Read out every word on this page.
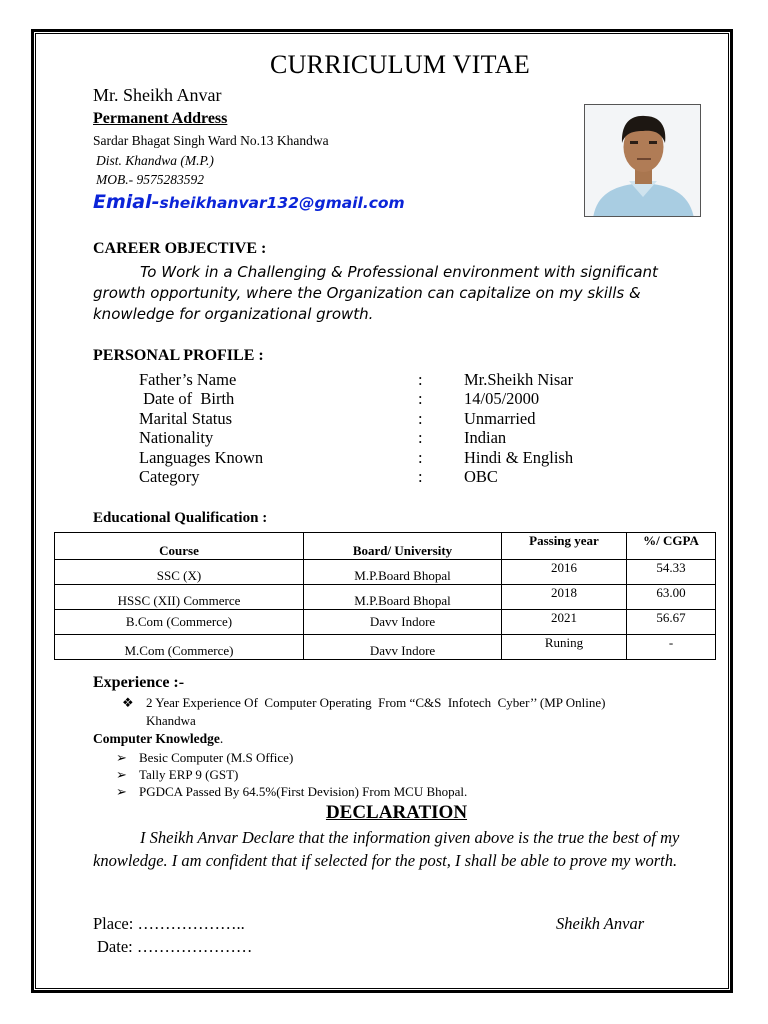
CURRICULUM VITAE
Mr. Sheikh Anvar
Permanent Address
Sardar Bhagat Singh Ward No.13 Khandwa
Dist. Khandwa (M.P.)
MOB.- 9575283592
Emial-sheikhanvar132@gmail.com
CAREER OBJECTIVE :
To Work in a Challenging & Professional environment with significant growth opportunity, where the Organization can capitalize on my skills & knowledge for organizational growth.
PERSONAL PROFILE :
Father’s Name	:	Mr.Sheikh Nisar
Date of  Birth	:	14/05/2000
Marital Status	:	Unmarried
Nationality	:	Indian
Languages Known	:	Hindi & English
Category	:	OBC
Educational Qualification :
Course	Board/ University	Passing year	%/ CGPA
SSC (X)	M.P.Board Bhopal	2016	54.33
HSSC (XII) Commerce	M.P.Board Bhopal	2018	63.00
B.Com (Commerce)	Davv Indore	2021	56.67
M.Com (Commerce)	Davv Indore	Runing	-
Experience :-
❖ 2 Year Experience Of  Computer Operating  From “C&S  Infotech  Cyber’’ (MP Online)
Khandwa
Computer Knowledge.
➢ Besic Computer (M.S Office)
➢ Tally ERP 9 (GST)
➢ PGDCA Passed By 64.5%(First Devision) From MCU Bhopal.
DECLARATION
I Sheikh Anvar Declare that the information given above is the true the best of my knowledge. I am confident that if selected for the post, I shall be able to prove my worth.
Place: ………………..
Date: …………………
Sheikh Anvar
